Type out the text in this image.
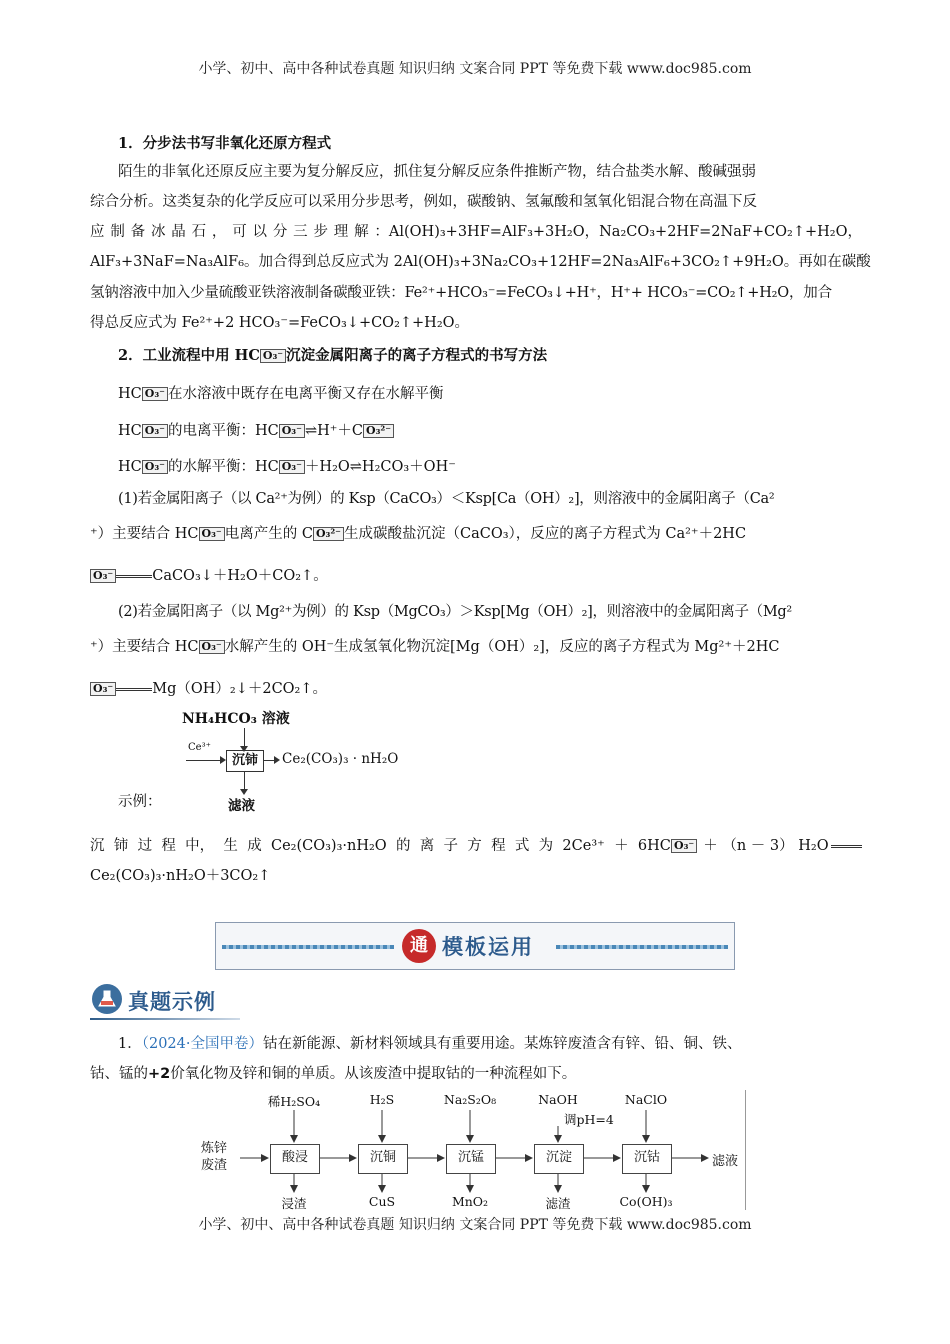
小学、初中、高中各种试卷真题 知识归纳 文案合同 PPT 等免费下载 www.doc985.com
1．分步法书写非氧化还原方程式
陌生的非氧化还原反应主要为复分解反应，抓住复分解反应条件推断产物，结合盐类水解、酸碱强弱
综合分析。这类复杂的化学反应可以采用分步思考，例如，碳酸钠、氢氟酸和氢氧化铝混合物在高温下反
应 制 备 冰 晶 石 ， 可 以 分 三 步 理 解 ： Al(OH)₃+3HF=AlF₃+3H₂O， Na₂CO₃+2HF=2NaF+CO₂↑+H₂O，
AlF₃+3NaF=Na₃AlF₆。加合得到总反应式为 2Al(OH)₃+3Na₂CO₃+12HF=2Na₃AlF₆+3CO₂↑+9H₂O。再如在碳酸
氢钠溶液中加入少量硫酸亚铁溶液制备碳酸亚铁：Fe²⁺+HCO₃⁻=FeCO₃↓+H⁺，H⁺+ HCO₃⁻=CO₂↑+H₂O，加合
得总反应式为 Fe²⁺+2 HCO₃⁻=FeCO₃↓+CO₂↑+H₂O。
2．工业流程中用 HC O₃⁻ 沉淀金属阳离子的离子方程式的书写方法
HC O₃⁻ 在水溶液中既存在电离平衡又存在水解平衡
HC O₃⁻ 的电离平衡：HC O₃⁻ ⇌H⁺＋C O₃²⁻
HC O₃⁻ 的水解平衡：HC O₃⁻ ＋H₂O⇌H₂CO₃＋OH⁻
(1)若金属阳离子（以 Ca²⁺为例）的 Ksp（CaCO₃）＜Ksp[Ca（OH）₂]，则溶液中的金属阳离子（Ca²
⁺）主要结合 HC O₃⁻ 电离产生的 C O₃²⁻ 生成碳酸盐沉淀（CaCO₃），反应的离子方程式为 Ca²⁺＋2HC
O₃⁻	CaCO₃↓＋H₂O＋CO₂↑。
(2)若金属阳离子（以 Mg²⁺为例）的 Ksp（MgCO₃）＞Ksp[Mg（OH）₂]，则溶液中的金属阳离子（Mg²
⁺）主要结合 HC O₃⁻ 水解产生的 OH⁻生成氢氧化物沉淀[Mg（OH）₂]，反应的离子方程式为 Mg²⁺＋2HC
O₃⁻	Mg（OH）₂↓＋2CO₂↑。
NH₄HCO₃ 溶液
Ce³⁺
沉铈	Ce₂(CO₃)₃ · nH₂O
滤液
示例：
沉 铈 过 程 中， 生 成 Ce₂(CO₃)₃·nH₂O 的 离 子 方 程 式 为 2Ce³⁺ ＋ 6HC O₃⁻ ＋ （n － 3） H₂O
Ce₂(CO₃)₃·nH₂O＋3CO₂↑
通 模板运用
真题示例
1．（2024·全国甲卷）钴在新能源、新材料领域具有重要用途。某炼锌废渣含有锌、铅、铜、铁、
钴、锰的+2价氧化物及锌和铜的单质。从该废渣中提取钴的一种流程如下。
炼锌
废渣	滤液
稀H₂SO₄
酸浸
浸渣
H₂S
沉铜
CuS
Na₂S₂O₈
沉锰
MnO₂
NaOH
调pH=4
沉淀
滤渣
NaClO
沉钴
Co(OH)₃
小学、初中、高中各种试卷真题 知识归纳 文案合同 PPT 等免费下载 www.doc985.com
